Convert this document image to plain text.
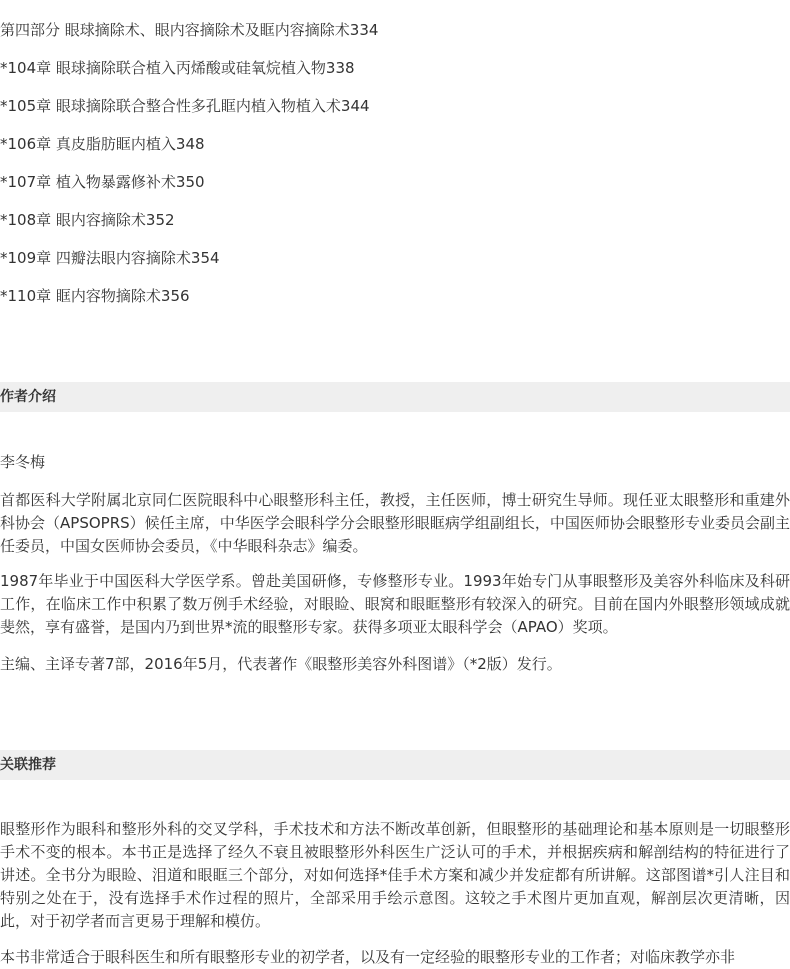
第四部分 眼球摘除术、眼内容摘除术及眶内容摘除术334
*104章 眼球摘除联合植入丙烯酸或硅氧烷植入物338
*105章 眼球摘除联合整合性多孔眶内植入物植入术344
*106章 真皮脂肪眶内植入348
*107章 植入物暴露修补术350
*108章 眼内容摘除术352
*109章 四瓣法眼内容摘除术354
*110章 眶内容物摘除术356
作者介绍
李冬梅

首都医科大学附属北京同仁医院眼科中心眼整形科主任，教授，主任医师，博士研究生导师。现任亚太眼整形和重建外科协会（APSOPRS）候任主席，中华医学会眼科学分会眼整形眼眶病学组副组长，中国医师协会眼整形专业委员会副主任委员，中国女医师协会委员，《中华眼科杂志》编委。

1987年毕业于中国医科大学医学系。曾赴美国研修，专修整形专业。1993年始专门从事眼整形及美容外科临床及科研工作，在临床工作中积累了数万例手术经验，对眼睑、眼窝和眼眶整形有较深入的研究。目前在国内外眼整形领域成就斐然，享有盛誉，是国内乃到世界*流的眼整形专家。获得多项亚太眼科学会（APAO）奖项。

主编、主译专著7部，2016年5月，代表著作《眼整形美容外科图谱》（*2版）发行。

关联推荐

眼整形作为眼科和整形外科的交叉学科，手术技术和方法不断改革创新，但眼整形的基础理论和基本原则是一切眼整形手术不变的根本。本书正是选择了经久不衰且被眼整形外科医生广泛认可的手术，并根据疾病和解剖结构的特征进行了讲述。全书分为眼睑、泪道和眼眶三个部分，对如何选择*佳手术方案和减少并发症都有所讲解。这部图谱*引人注目和特别之处在于，没有选择手术作过程的照片，全部采用手绘示意图。这较之手术图片更加直观，解剖层次更清晰，因此，对于初学者而言更易于理解和模仿。

本书非常适合于眼科医生和所有眼整形专业的初学者，以及有一定经验的眼整形专业的工作者；对临床教学亦非
